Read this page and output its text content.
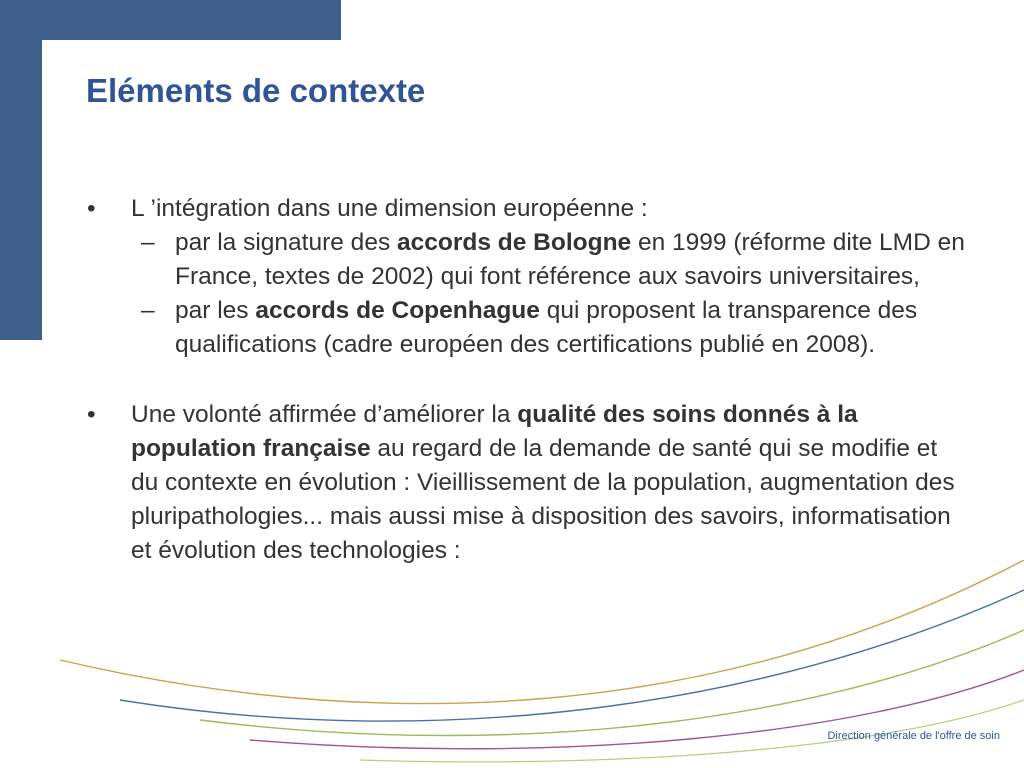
Eléments de contexte
• L ’intégration dans une dimension européenne :
– par la signature des accords de Bologne en 1999 (réforme dite LMD en France, textes de 2002) qui font référence aux savoirs universitaires,
– par les accords de Copenhague qui proposent la transparence des qualifications (cadre européen des certifications publié en 2008).
• Une volonté affirmée d’améliorer la qualité des soins donnés à la population française au regard de la demande de santé qui se modifie et du contexte en évolution : Vieillissement de la population, augmentation des pluripathologies... mais aussi mise à disposition des savoirs, informatisation et évolution des technologies :
Direction générale de l'offre de soin
